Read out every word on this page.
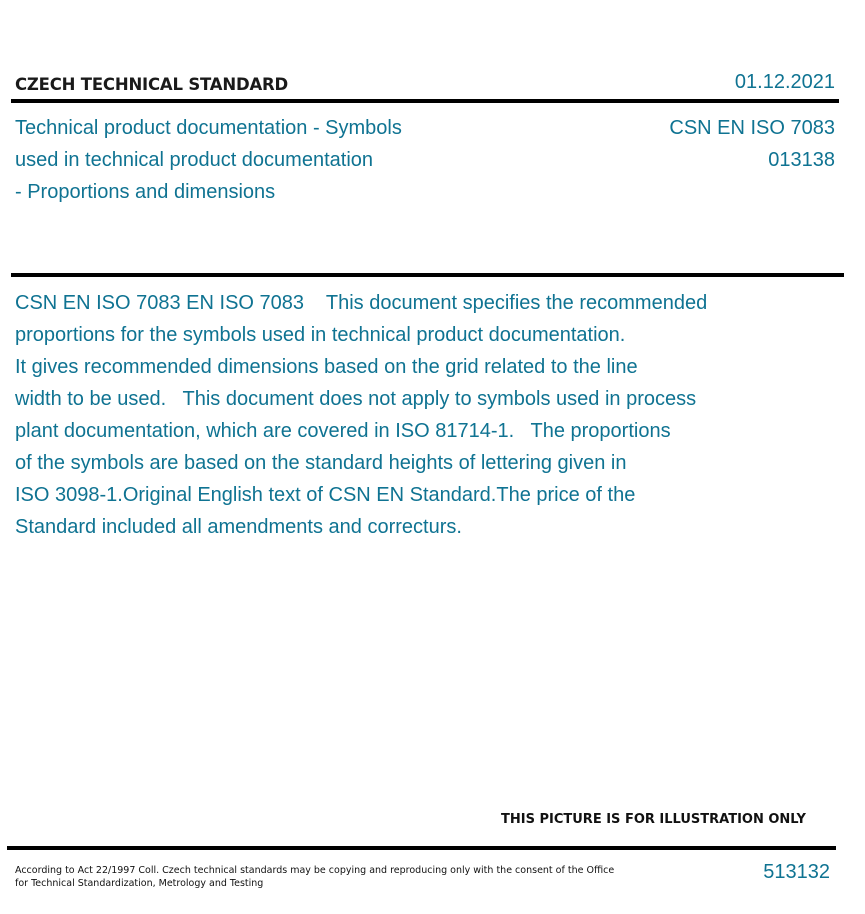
CZECH TECHNICAL STANDARD	01.12.2021
Technical product documentation - Symbols
used in technical product documentation
- Proportions and dimensions
CSN EN ISO 7083
013138
CSN EN ISO 7083 EN ISO 7083    This document specifies the recommended
proportions for the symbols used in technical product documentation.
It gives recommended dimensions based on the grid related to the line
width to be used.   This document does not apply to symbols used in process
plant documentation, which are covered in ISO 81714-1.   The proportions
of the symbols are based on the standard heights of lettering given in
ISO 3098-1.Original English text of CSN EN Standard.The price of the
Standard included all amendments and correcturs.
THIS PICTURE IS FOR ILLUSTRATION ONLY
According to Act 22/1997 Coll. Czech technical standards may be copying and reproducing only with the consent of the Office
for Technical Standardization, Metrology and Testing
513132
